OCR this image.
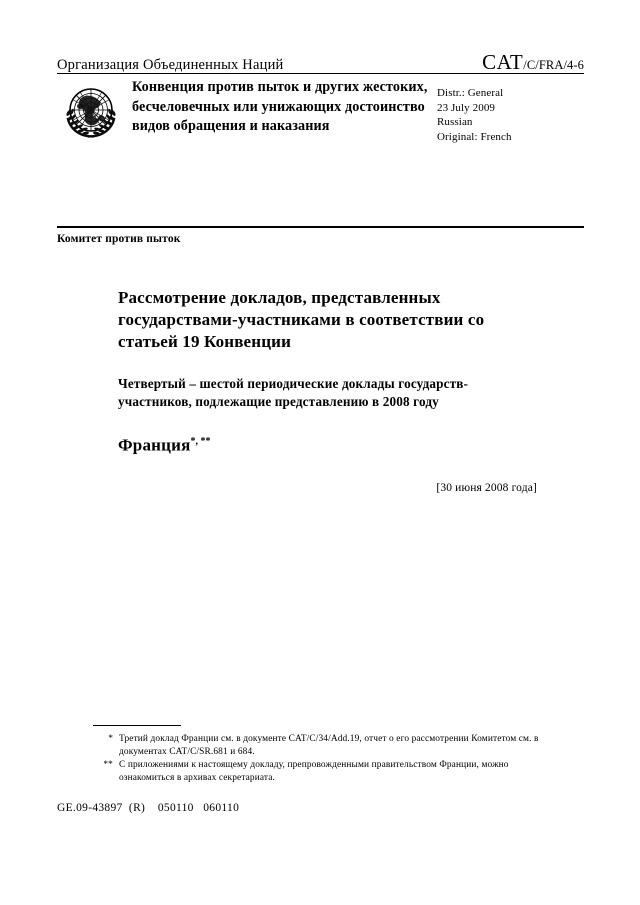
Организация Объединенных Наций	CAT/C/FRA/4-6
Конвенция против пыток и других жестоких, бесчеловечных или унижающих достоинство видов обращения и наказания
Distr.: General
23 July 2009
Russian
Original: French
Комитет против пыток
Рассмотрение докладов, представленных государствами-участниками в соответствии со статьей 19 Конвенции
Четвертый – шестой периодические доклады государств-участников, подлежащие представлению в 2008 году
Франция*, **
[30 июня 2008 года]
* Третий доклад Франции см. в документе CAT/C/34/Add.19, отчет о его рассмотрении Комитетом см. в документах CAT/C/SR.681 и 684.
** С приложениями к настоящему докладу, препровожденными правительством Франции, можно ознакомиться в архивах секретариата.
GE.09-43897  (R)    050110   060110
